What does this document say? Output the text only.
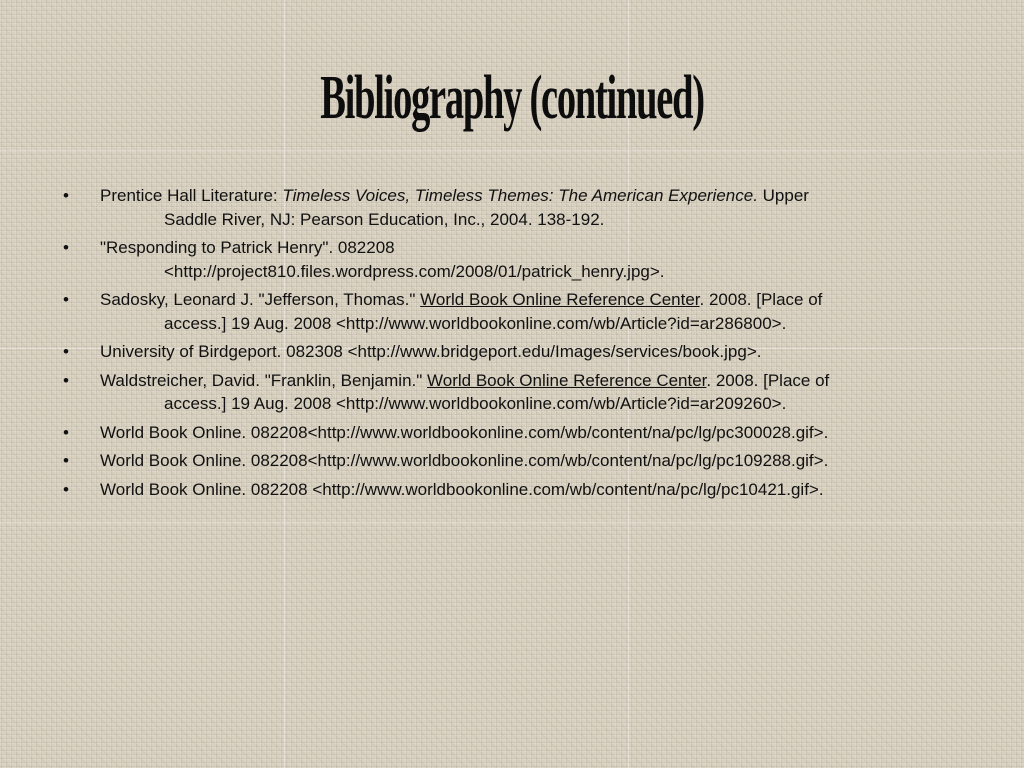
Bibliography (continued)
•	Prentice Hall Literature: Timeless Voices, Timeless Themes: The American Experience. Upper
Saddle River, NJ: Pearson Education, Inc., 2004. 138-192.
•	"Responding to Patrick Henry". 082208
<http://project810.files.wordpress.com/2008/01/patrick_henry.jpg>.
•	Sadosky, Leonard J. "Jefferson, Thomas." World Book Online Reference Center. 2008. [Place of
access.] 19 Aug. 2008 <http://www.worldbookonline.com/wb/Article?id=ar286800>.
•	University of Birdgeport. 082308 <http://www.bridgeport.edu/Images/services/book.jpg>.
•	Waldstreicher, David. "Franklin, Benjamin." World Book Online Reference Center. 2008. [Place of
access.] 19 Aug. 2008 <http://www.worldbookonline.com/wb/Article?id=ar209260>.
•	World Book Online. 082208<http://www.worldbookonline.com/wb/content/na/pc/lg/pc300028.gif>.
•	World Book Online. 082208<http://www.worldbookonline.com/wb/content/na/pc/lg/pc109288.gif>.
•	World Book Online. 082208 <http://www.worldbookonline.com/wb/content/na/pc/lg/pc10421.gif>.
